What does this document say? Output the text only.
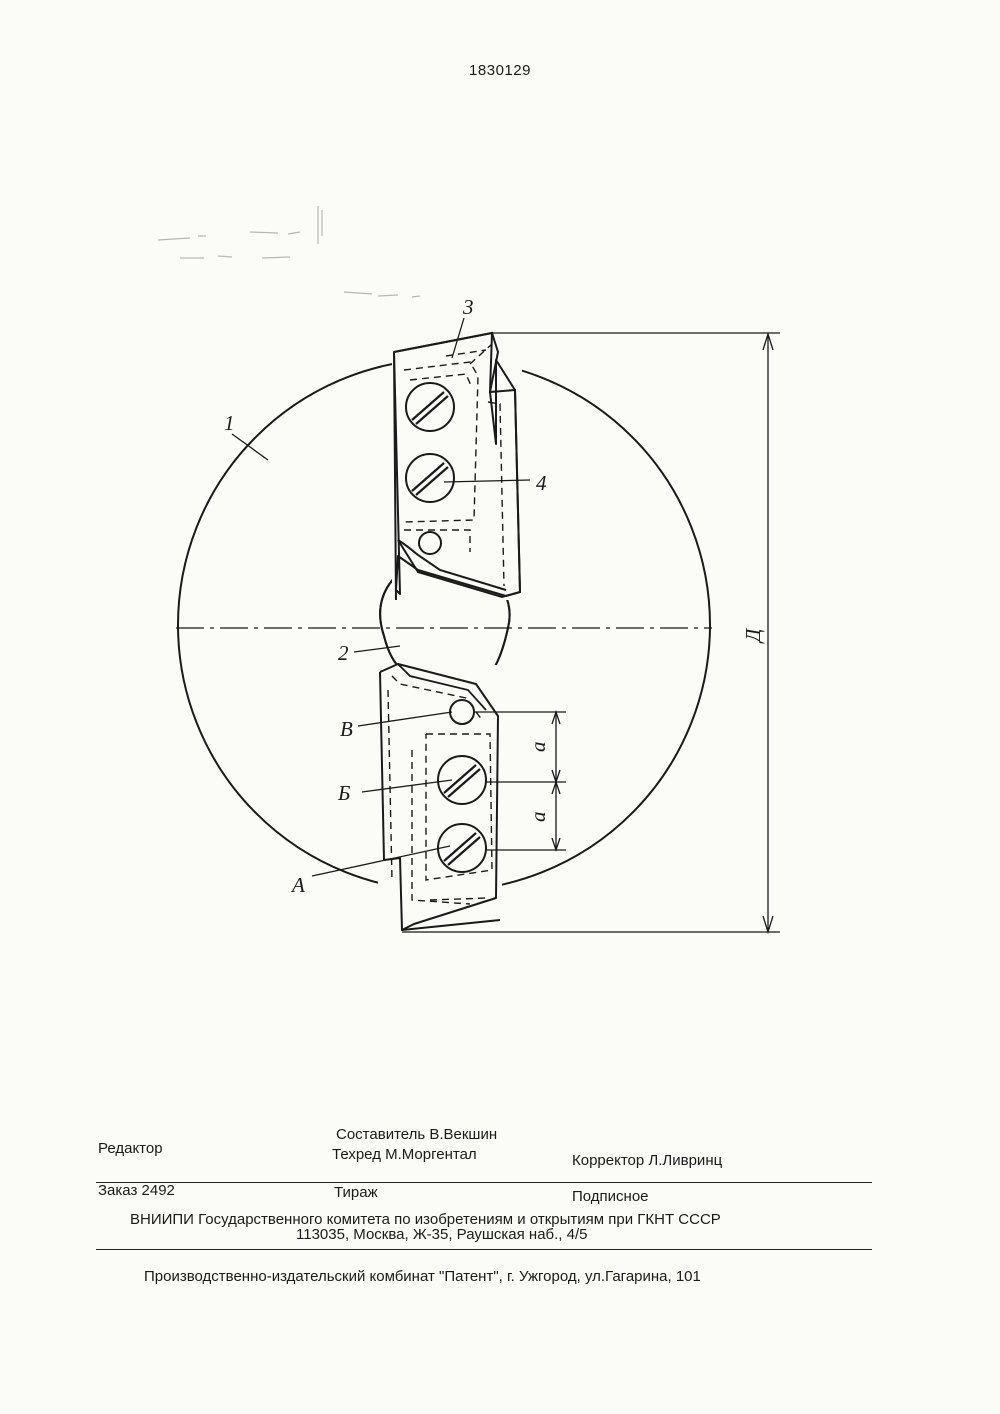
1830129
1
3
4
2
В
Б
А
a
a
Д
Редактор
Составитель В.Векшин
Техред М.Моргентал	Корректор Л.Ливринц
Заказ 2492	Тираж	Подписное
ВНИИПИ Государственного комитета по изобретениям и открытиям при ГКНТ СССР
113035, Москва, Ж-35, Раушская наб., 4/5
Производственно-издательский комбинат "Патент", г. Ужгород, ул.Гагарина, 101
